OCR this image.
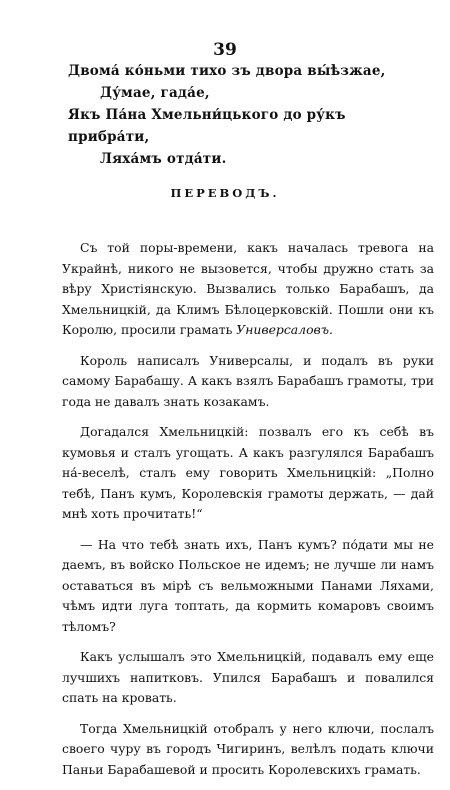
39
Двома́ ко́ньми тихо зъ двора вы́ѣзжае,
Ду́мае, гада́е,
Якъ Па́на Хмельни́цькогo до ру́къ прибра́ти,
Ляха́мъ отда́ти.
ПЕРЕВОДЪ.

Съ той поры-времени, какъ началась тревога на Украйнѣ, никого не вызовется, чтобы дружно стать за вѣру Христіянскую. Вызвались только Барабашъ, да Хмельницкій, да Климъ Бѣлоцерковскій. Пошли они къ Королю, просили грамать Универсаловъ.

Король написалъ Универсалы, и подалъ въ руки самому Барабашу. А какъ взялъ Барабашъ грамоты, три года не давалъ знать козакамъ.

Догадался Хмельницкій: позвалъ его къ себѣ въ кумовья и сталъ угощать. А какъ разгулялся Барабашъ на́-веселѣ, сталъ ему говорить Хмельницкій: „Полно тебѣ, Панъ кумъ, Королевскія грамоты держать, — дай мнѣ хоть прочитать!“

— На что тебѣ знать ихъ, Панъ кумъ? по́дати мы не даемъ, въ войско Польское не идемъ; не лучше ли намъ оставаться въ мірѣ съ вельможными Панами Ляхами, чѣмъ идти луга топтать, да кормить комаровъ своимъ тѣломъ?

Какъ услышалъ это Хмельницкій, подавалъ ему еще лучшихъ напитковъ. Упился Барабашъ и повалился спать на кровать.

Тогда Хмельницкій отобралъ у него ключи, послалъ своего чуру въ городъ Чигиринъ, велѣлъ подать ключи Паньи Барабашевой и просить Королевскихъ грамать.
